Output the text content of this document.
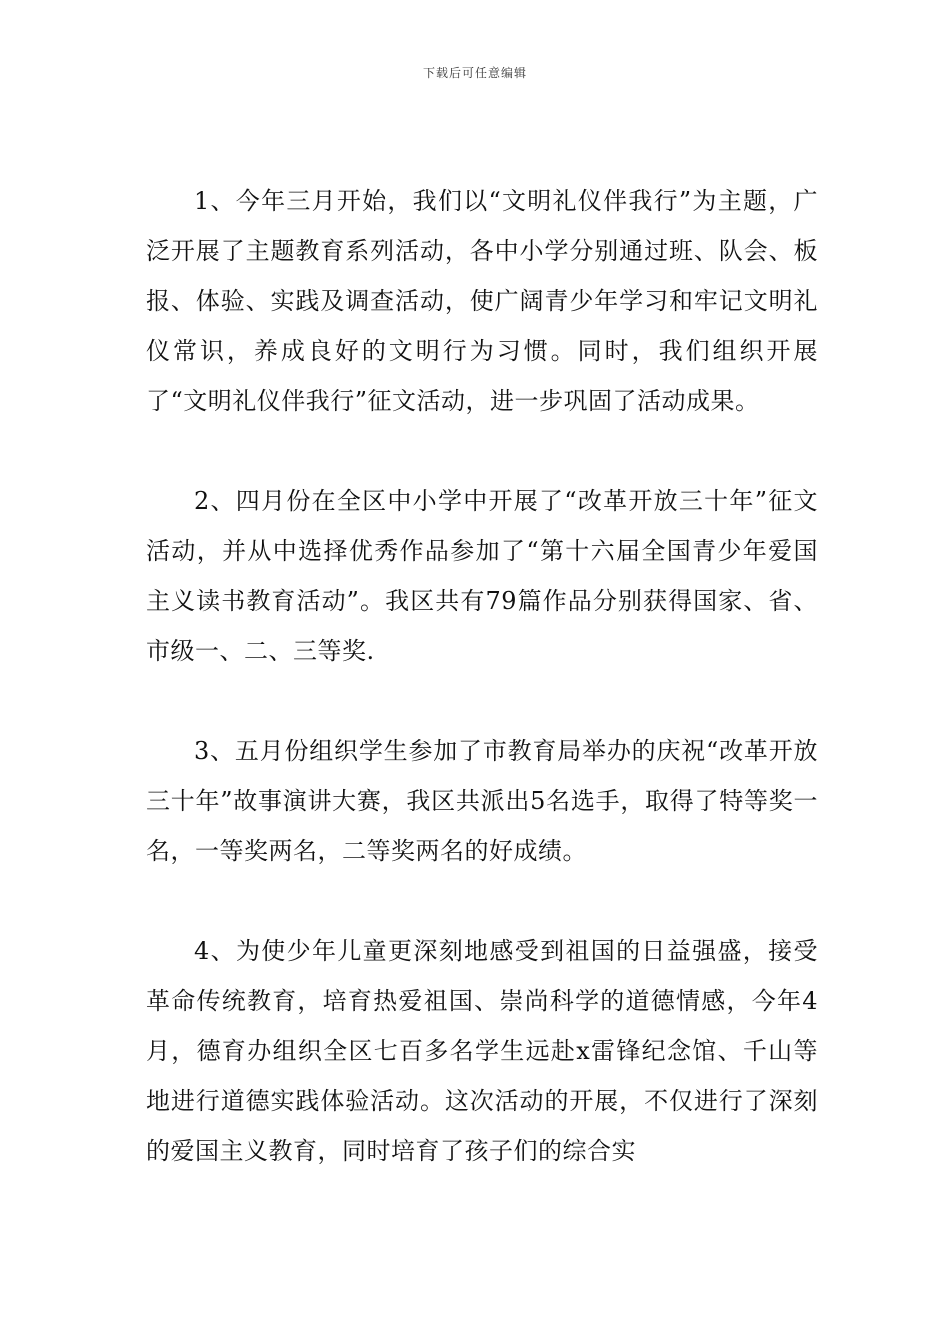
下载后可任意编辑

1、今年三月开始，我们以“文明礼仪伴我行”为主题，广泛开展了主题教育系列活动，各中小学分别通过班、队会、板报、体验、实践及调查活动，使广阔青少年学习和牢记文明礼仪常识，养成良好的文明行为习惯。同时，我们组织开展了“文明礼仪伴我行”征文活动，进一步巩固了活动成果。

2、四月份在全区中小学中开展了“改革开放三十年”征文活动，并从中选择优秀作品参加了“第十六届全国青少年爱国主义读书教育活动”。我区共有79篇作品分别获得国家、省、市级一、二、三等奖.

3、五月份组织学生参加了市教育局举办的庆祝“改革开放三十年”故事演讲大赛，我区共派出5名选手，取得了特等奖一名，一等奖两名，二等奖两名的好成绩。

4、为使少年儿童更深刻地感受到祖国的日益强盛，接受革命传统教育，培育热爱祖国、崇尚科学的道德情感，今年4月，德育办组织全区七百多名学生远赴x雷锋纪念馆、千山等地进行道德实践体验活动。这次活动的开展，不仅进行了深刻的爱国主义教育，同时培育了孩子们的综合实
